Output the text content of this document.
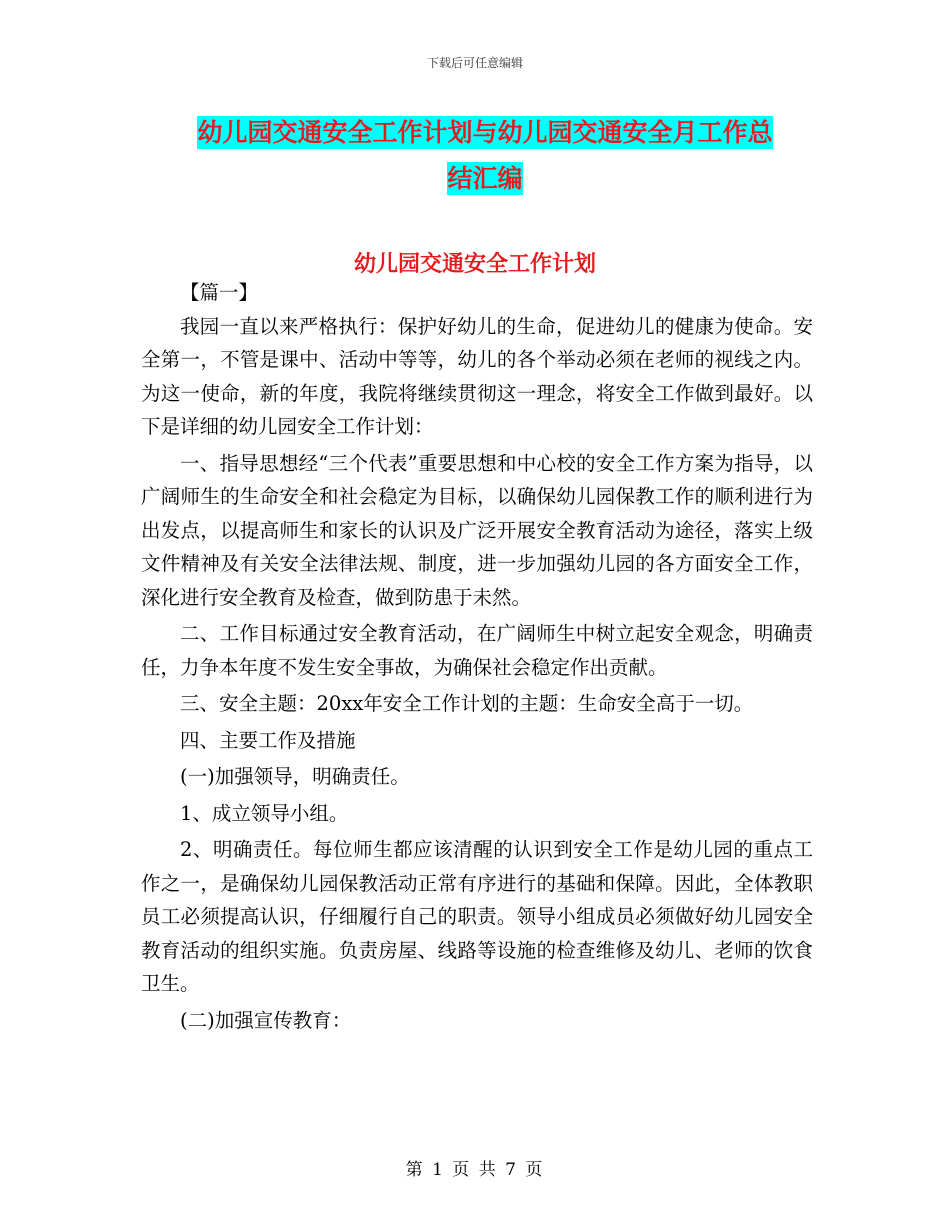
下载后可任意编辑
幼儿园交通安全工作计划与幼儿园交通安全月工作总
结汇编
幼儿园交通安全工作计划

【篇一】

我园一直以来严格执行：保护好幼儿的生命，促进幼儿的健康为使命。安全第一，不管是课中、活动中等等，幼儿的各个举动必须在老师的视线之内。为这一使命，新的年度，我院将继续贯彻这一理念，将安全工作做到最好。以下是详细的幼儿园安全工作计划：

一、指导思想经“三个代表”重要思想和中心校的安全工作方案为指导，以广阔师生的生命安全和社会稳定为目标，以确保幼儿园保教工作的顺利进行为出发点，以提高师生和家长的认识及广泛开展安全教育活动为途径，落实上级文件精神及有关安全法律法规、制度，进一步加强幼儿园的各方面安全工作，深化进行安全教育及检查，做到防患于未然。

二、工作目标通过安全教育活动，在广阔师生中树立起安全观念，明确责任，力争本年度不发生安全事故，为确保社会稳定作出贡献。

三、安全主题：20xx年安全工作计划的主题：生命安全高于一切。

四、主要工作及措施

(一)加强领导，明确责任。

1、成立领导小组。

2、明确责任。每位师生都应该清醒的认识到安全工作是幼儿园的重点工作之一，是确保幼儿园保教活动正常有序进行的基础和保障。因此，全体教职员工必须提高认识，仔细履行自己的职责。领导小组成员必须做好幼儿园安全教育活动的组织实施。负责房屋、线路等设施的检查维修及幼儿、老师的饮食卫生。

(二)加强宣传教育：

第 1 页 共 7 页
